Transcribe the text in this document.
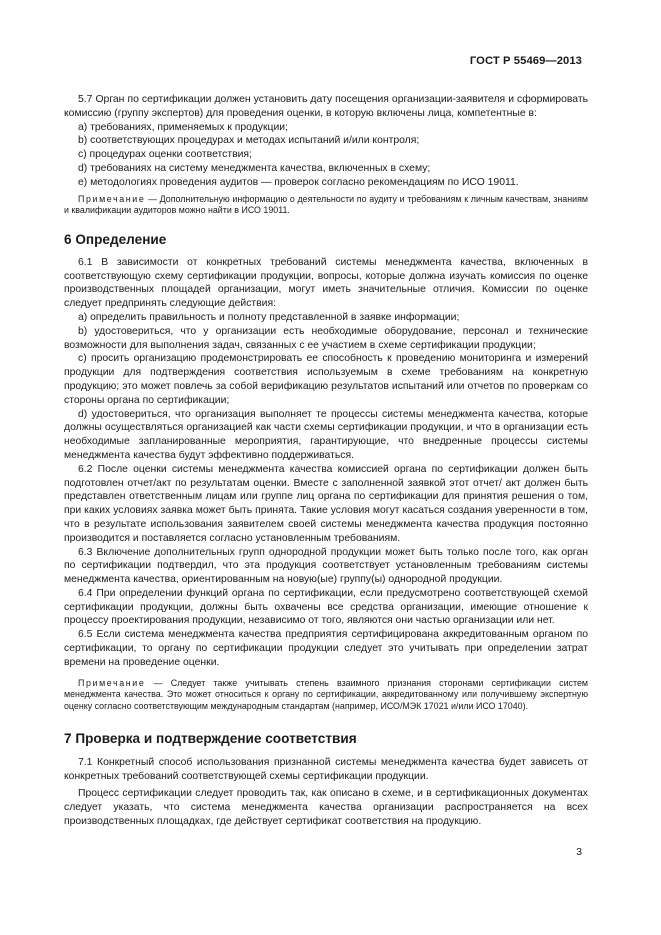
ГОСТ Р 55469—2013

5.7 Орган по сертификации должен установить дату посещения организации-заявителя и сформировать комиссию (группу экспертов) для проведения оценки, в которую включены лица, компетентные в:

a) требованиях, применяемых к продукции;

b) соответствующих процедурах и методах испытаний и/или контроля;

c) процедурах оценки соответствия;

d) требованиях на систему менеджмента качества, включенных в схему;

e) методологиях проведения аудитов — проверок согласно рекомендациям по ИСО 19011.

Примечание — Дополнительную информацию о деятельности по аудиту и требованиям к личным качествам, знаниям и квалификации аудиторов можно найти в ИСО 19011.

6 Определение

6.1 В зависимости от конкретных требований системы менеджмента качества, включенных в соответствующую схему сертификации продукции, вопросы, которые должна изучать комиссия по оценке производственных площадей организации, могут иметь значительные отличия. Комиссии по оценке следует предпринять следующие действия:

a) определить правильность и полноту представленной в заявке информации;

b) удостовериться, что у организации есть необходимые оборудование, персонал и технические возможности для выполнения задач, связанных с ее участием в схеме сертификации продукции;

c) просить организацию продемонстрировать ее способность к проведению мониторинга и измерений продукции для подтверждения соответствия используемым в схеме требованиям на конкретную продукцию; это может повлечь за собой верификацию результатов испытаний или отчетов по проверкам со стороны органа по сертификации;

d) удостовериться, что организация выполняет те процессы системы менеджмента качества, которые должны осуществляться организацией как части схемы сертификации продукции, и что в организации есть необходимые запланированные мероприятия, гарантирующие, что внедренные процессы системы менеджмента качества будут эффективно поддерживаться.

6.2 После оценки системы менеджмента качества комиссией органа по сертификации должен быть подготовлен отчет/акт по результатам оценки. Вместе с заполненной заявкой этот отчет/ акт должен быть представлен ответственным лицам или группе лиц органа по сертификации для принятия решения о том, при каких условиях заявка может быть принята. Такие условия могут касаться создания уверенности в том, что в результате использования заявителем своей системы менеджмента качества продукция постоянно производится и поставляется согласно установленным требованиям.

6.3 Включение дополнительных групп однородной продукции может быть только после того, как орган по сертификации подтвердил, что эта продукция соответствует установленным требованиям системы менеджмента качества, ориентированным на новую(ые) группу(ы) однородной продукции.

6.4 При определении функций органа по сертификации, если предусмотрено соответствующей схемой сертификации продукции, должны быть охвачены все средства организации, имеющие отношение к процессу проектирования продукции, независимо от того, являются они частью организации или нет.

6.5 Если система менеджмента качества предприятия сертифицирована аккредитованным органом по сертификации, то органу по сертификации продукции следует это учитывать при определении затрат времени на проведение оценки.

Примечание — Следует также учитывать степень взаимного признания сторонами сертификации систем менеджмента качества. Это может относиться к органу по сертификации, аккредитованному или получившему экспертную оценку согласно соответствующим международным стандартам (например, ИСО/МЭК 17021 и/или ИСО 17040).

7 Проверка и подтверждение соответствия

7.1 Конкретный способ использования признанной системы менеджмента качества будет зависеть от конкретных требований соответствующей схемы сертификации продукции.

Процесс сертификации следует проводить так, как описано в схеме, и в сертификационных документах следует указать, что система менеджмента качества организации распространяется на всех производственных площадках, где действует сертификат соответствия на продукцию.

3
